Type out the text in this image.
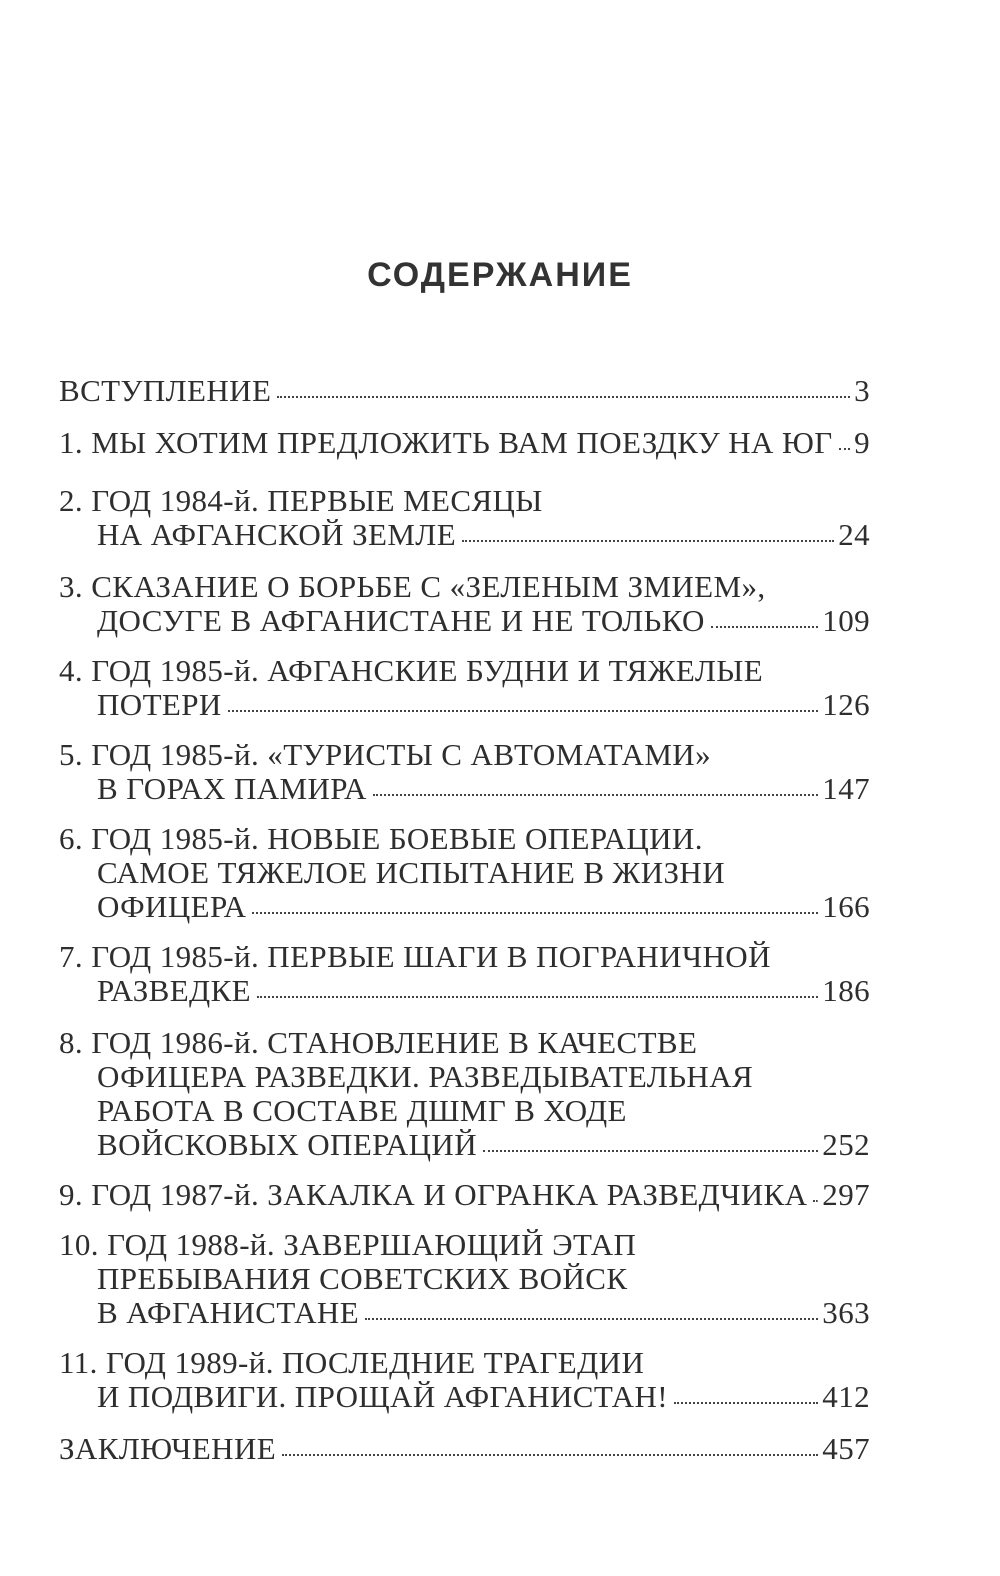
СОДЕРЖАНИЕ
ВСТУПЛЕНИЕ	3
1. МЫ ХОТИМ ПРЕДЛОЖИТЬ ВАМ ПОЕЗДКУ НА ЮГ 9
2. ГОД 1984-й. ПЕРВЫЕ МЕСЯЦЫ
НА АФГАНСКОЙ ЗЕМЛЕ	24
3. СКАЗАНИЕ О БОРЬБЕ С «ЗЕЛЕНЫМ ЗМИЕМ»,
ДОСУГЕ В АФГАНИСТАНЕ И НЕ ТОЛЬКО	109
4. ГОД 1985-й. АФГАНСКИЕ БУДНИ И ТЯЖЕЛЫЕ
ПОТЕРИ	126
5. ГОД 1985-й. «ТУРИСТЫ С АВТОМАТАМИ»
В ГОРАХ ПАМИРА	147
6. ГОД 1985-й. НОВЫЕ БОЕВЫЕ ОПЕРАЦИИ.
САМОЕ ТЯЖЕЛОЕ ИСПЫТАНИЕ В ЖИЗНИ
ОФИЦЕРА	166
7. ГОД 1985-й. ПЕРВЫЕ ШАГИ В ПОГРАНИЧНОЙ
РАЗВЕДКЕ	186
8. ГОД 1986-й. СТАНОВЛЕНИЕ В КАЧЕСТВЕ
ОФИЦЕРА РАЗВЕДКИ. РАЗВЕДЫВАТЕЛЬНАЯ
РАБОТА В СОСТАВЕ ДШМГ В ХОДЕ
ВОЙСКОВЫХ ОПЕРАЦИЙ	252
9. ГОД 1987-й. ЗАКАЛКА И ОГРАНКА РАЗВЕДЧИКА 297
10. ГОД 1988-й. ЗАВЕРШАЮЩИЙ ЭТАП
ПРЕБЫВАНИЯ СОВЕТСКИХ ВОЙСК
В АФГАНИСТАНЕ	363
11. ГОД 1989-й. ПОСЛЕДНИЕ ТРАГЕДИИ
И ПОДВИГИ. ПРОЩАЙ АФГАНИСТАН!	412
ЗАКЛЮЧЕНИЕ	457
